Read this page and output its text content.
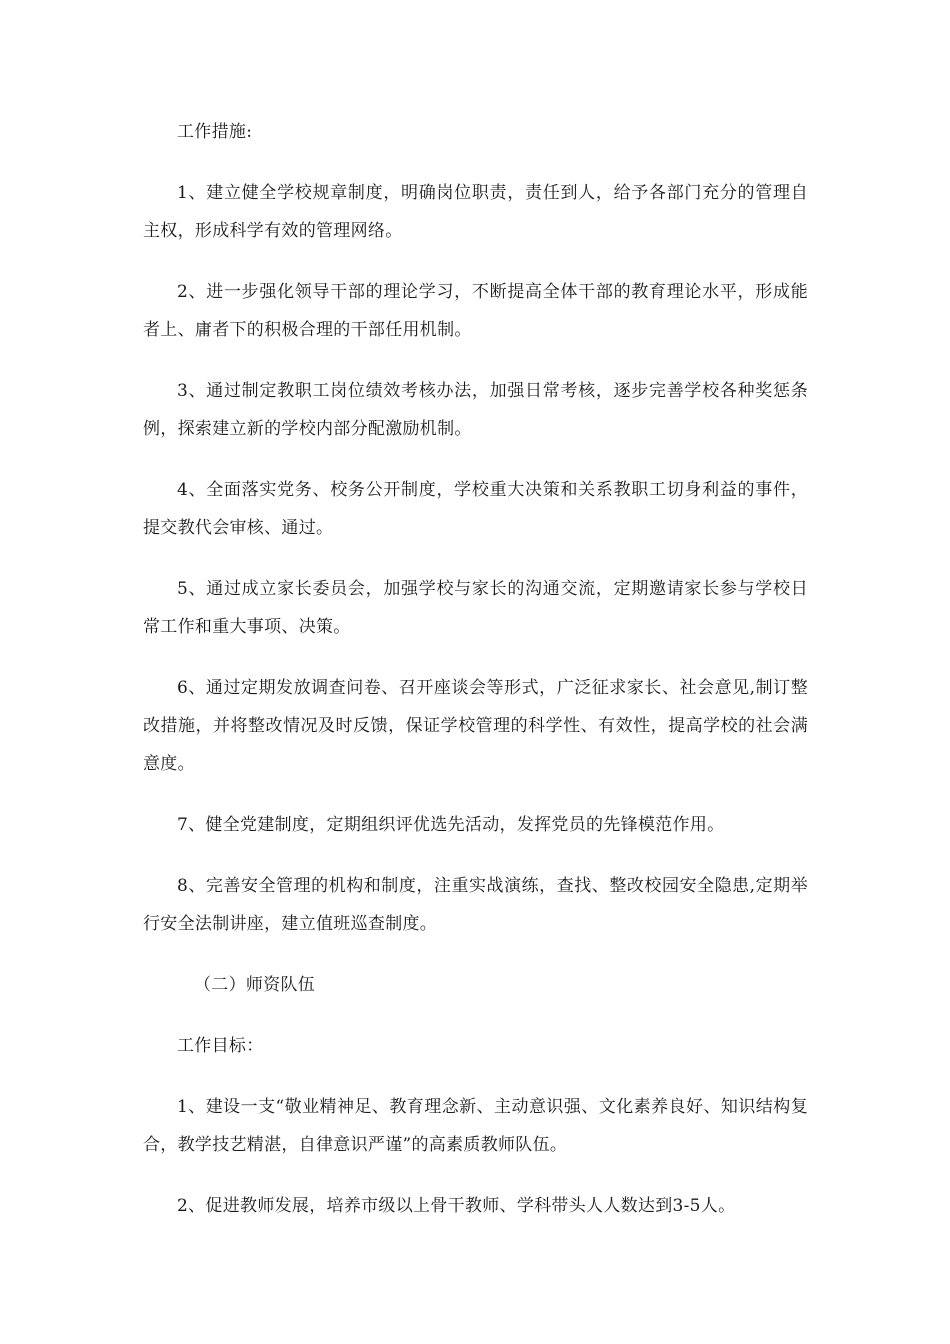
工作措施:

1、建立健全学校规章制度，明确岗位职责，责任到人，给予各部门充分的管理自主权，形成科学有效的管理网络。

2、进一步强化领导干部的理论学习，不断提高全体干部的教育理论水平，形成能者上、庸者下的积极合理的干部任用机制。

3、通过制定教职工岗位绩效考核办法，加强日常考核，逐步完善学校各种奖惩条例，探索建立新的学校内部分配激励机制。

4、全面落实党务、校务公开制度，学校重大决策和关系教职工切身利益的事件，提交教代会审核、通过。

5、通过成立家长委员会，加强学校与家长的沟通交流，定期邀请家长参与学校日常工作和重大事项、决策。

6、通过定期发放调查问卷、召开座谈会等形式，广泛征求家长、社会意见,制订整改措施，并将整改情况及时反馈，保证学校管理的科学性、有效性，提高学校的社会满意度。

7、健全党建制度，定期组织评优选先活动，发挥党员的先锋模范作用。

8、完善安全管理的机构和制度，注重实战演练，查找、整改校园安全隐患,定期举行安全法制讲座，建立值班巡查制度。

（二）师资队伍

工作目标：

1、建设一支“敬业精神足、教育理念新、主动意识强、文化素养良好、知识结构复合，教学技艺精湛，自律意识严谨”的高素质教师队伍。

2、促进教师发展，培养市级以上骨干教师、学科带头人人数达到3-5人。
